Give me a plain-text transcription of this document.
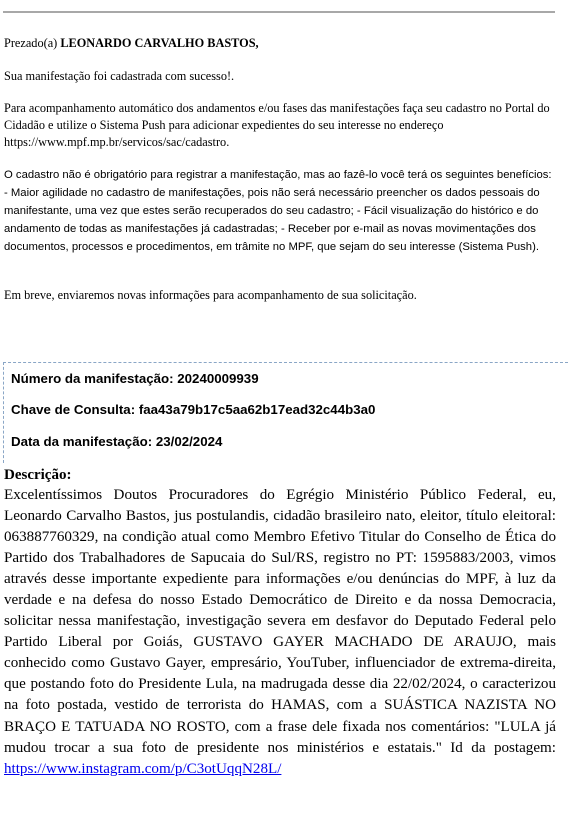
Prezado(a) LEONARDO CARVALHO BASTOS,

Sua manifestação foi cadastrada com sucesso!.

Para acompanhamento automático dos andamentos e/ou fases das manifestações faça seu cadastro no Portal do Cidadão e utilize o Sistema Push para adicionar expedientes do seu interesse no endereço https://www.mpf.mp.br/servicos/sac/cadastro.

O cadastro não é obrigatório para registrar a manifestação, mas ao fazê-lo você terá os seguintes benefícios: - Maior agilidade no cadastro de manifestações, pois não será necessário preencher os dados pessoais do manifestante, uma vez que estes serão recuperados do seu cadastro; - Fácil visualização do histórico e do andamento de todas as manifestações já cadastradas; - Receber por e-mail as novas movimentações dos documentos, processos e procedimentos, em trâmite no MPF, que sejam do seu interesse (Sistema Push).

Em breve, enviaremos novas informações para acompanhamento de sua solicitação.

Número da manifestação: 20240009939
Chave de Consulta: faa43a79b17c5aa62b17ead32c44b3a0
Data da manifestação: 23/02/2024
Descrição:

Excelentíssimos Doutos Procuradores do Egrégio Ministério Público Federal, eu, Leonardo Carvalho Bastos, jus postulandis, cidadão brasileiro nato, eleitor, título eleitoral: 063887760329, na condição atual como Membro Efetivo Titular do Conselho de Ética do Partido dos Trabalhadores de Sapucaia do Sul/RS, registro no PT: 1595883/2003, vimos através desse importante expediente para informações e/ou denúncias do MPF, à luz da verdade e na defesa do nosso Estado Democrático de Direito e da nossa Democracia, solicitar nessa manifestação, investigação severa em desfavor do Deputado Federal pelo Partido Liberal por Goiás, GUSTAVO GAYER MACHADO DE ARAUJO, mais conhecido como Gustavo Gayer, empresário, YouTuber, influenciador de extrema-direita, que postando foto do Presidente Lula, na madrugada desse dia 22/02/2024, o caracterizou na foto postada, vestido de terrorista do HAMAS, com a SUÁSTICA NAZISTA NO BRAÇO E TATUADA NO ROSTO, com a frase dele fixada nos comentários: "LULA já mudou trocar a sua foto de presidente nos ministérios e estatais." Id da postagem: https://www.instagram.com/p/C3otUqqN28L/
